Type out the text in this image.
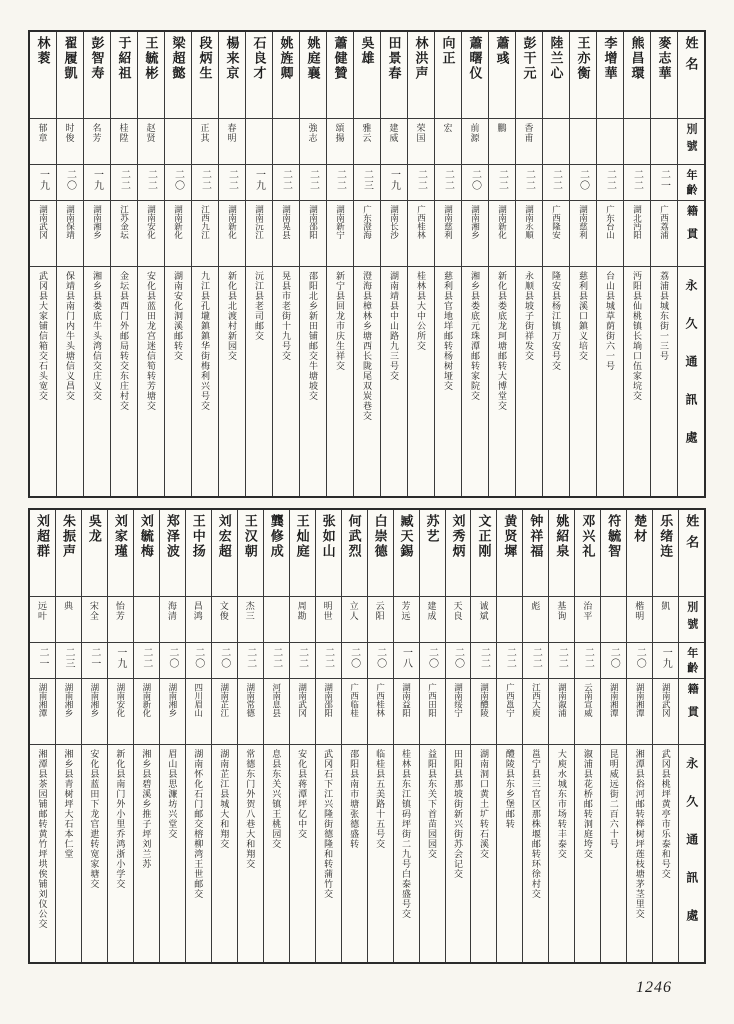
林蓘
郁章
一九
湖南武冈
武冈县大家铺信箱交石头宽交
翟履凱
时俊
二〇
湖南保靖
保靖县南门内牛头塘信义昌交
彭智寿
名芳
一九
湖南湘乡
湘乡县娄底牛头湾信交庄义交
于紹祖
桂陞
二二
江苏金坛
金坛县西门外邮局转交东庄村交
王毓彬
赵贤
二二
湖南安化
安化县蓝田龙宫迷信筍转芳塘交
梁超懿
二〇
湖南新化
湖南安化洞溪邮转交
段炳生
正其
二二
江西九江
九江县孔壠鎮鎮华街梅利兴号交
楊来京
春明
二二
湖南新化
新化县北渡村新园交
石良才
一九
湖南沅江
沅江县老司邮交
姚旌卿
二二
湖南晃县
晃县市老街十九号交
姚庭襄
強志
二二
湖南邵阳
邵阳北乡新田铺邮交牛塘坡交
蕭健贊
頌揚
二二
湖南新宁
新宁县回龙市庆生祥交
吳雄
雅云
二三
广东澄海
澄海县樟林乡塘西长陇尾双炭巷交
田景春
建威
一九
湖南长沙
湖南靖县中山路九三号交
林洪声
荣国
二二
广西桂林
桂林县大中公所交
向正
宏
二二
湖南慈利
慈利县官地垟邮转杨树垭交
蕭曙仪
前源
二〇
湖南湘乡
湘乡县娄底元珠潭邮转家院交
蕭彧
鵬
二二
湖南新化
新化县娄底龙珂塘邮转大博堂交
彭干元
香甫
二二
湖南永順
永顺县坡子街祥发交
陸兰心
二二
广西隆安
隆安县杨江镇万安号交
王亦衡
二〇
湖南慈利
慈利县溪口鎮义培交
李增華
二二
广东台山
台山县城草荫街六一号
熊昌環
二二
湖北沔阳
沔阳县仙桃镇长埫口伍家垸交
麥志華
二一
广西荔浦
荔浦县城东街一三号
姓名
別號
年齡
籍貫
永久通訊處
刘超群
远叶
二一
湖南湘潭
湘潭县茶园铺邮转黄竹坪垬俟铺刘仪公交
朱振声
典
二三
湖南湘乡
湘乡县青树坪大石本仁堂
吳龙
宋全
二一
湖南湘乡
安化县蓝田下龙官迣转宽家塘交
刘家瑾
怡芳
一九
湖南安化
新化县南门外小里乔鸿浙小学交
刘毓梅
二二
湖南新化
湘乡县碧溪乡推子坪刘兰苏
郑泽波
海清
二〇
湖南湘乡
眉山县思濂坊兴堂交
王中扬
昌鸿
二〇
四川眉山
湖南怀化石门邮交榕柳湾王世邮交
刘宏超
文俊
二〇
湖南芷江
湖南芷江县城大和翔交
王汉朝
杰三
二二
湖南常德
常德东门外贺八巷大和翔交
龔修成
二二
河南息县
息县东关兴镇王桃园交
王灿庭
周勘
二二
湖南武冈
安化县蒋潭坪亿中交
张如山
明世
二二
湖南邵阳
武冈石下江兴隆街德隆和转蒲竹交
何武烈
立人
二〇
广西临桂
邵阳县南市塘张德盛转
白崇德
云阳
二〇
广西桂林
临桂县五美路十五号交
臧天錫
芳远
一八
湖南益阳
桂林县东江镇码坪街二九号白泰盛号交
苏艺
建成
二〇
广西田阳
益阳县东关下首苗园园交
刘秀炳
天良
二〇
湖南绥宁
田阳县那坡街新兴街苏会记交
文正刚
诚斌
二二
湖南醴陵
湖南洞口黄土圹转石溪交
黄贤墀
二二
广西邕宁
醴陵县东乡堡邮转
钟祥福
彪
二二
江西大庾
邕宁县三官区那株堰邮转环徐村交
姚紹泉
基询
二二
湖南溆浦
大庾水城东市场转丰泰交
邓兴礼
治平
二二
云南宣威
溆浦县花桥邮转洞庭垮交
符毓智
二〇
湖南湘潭
昆明威远街二百六十号
楚材
楷明
二〇
湖南湘潭
湘潭县俗河邮转榉树坪莲枝塘茅茎里交
乐绪连
凱
一九
湖南武冈
武冈县桃坪黄亭市乐泰和号交
姓名
別號
年齡
籍貫
永久通訊處
1246
